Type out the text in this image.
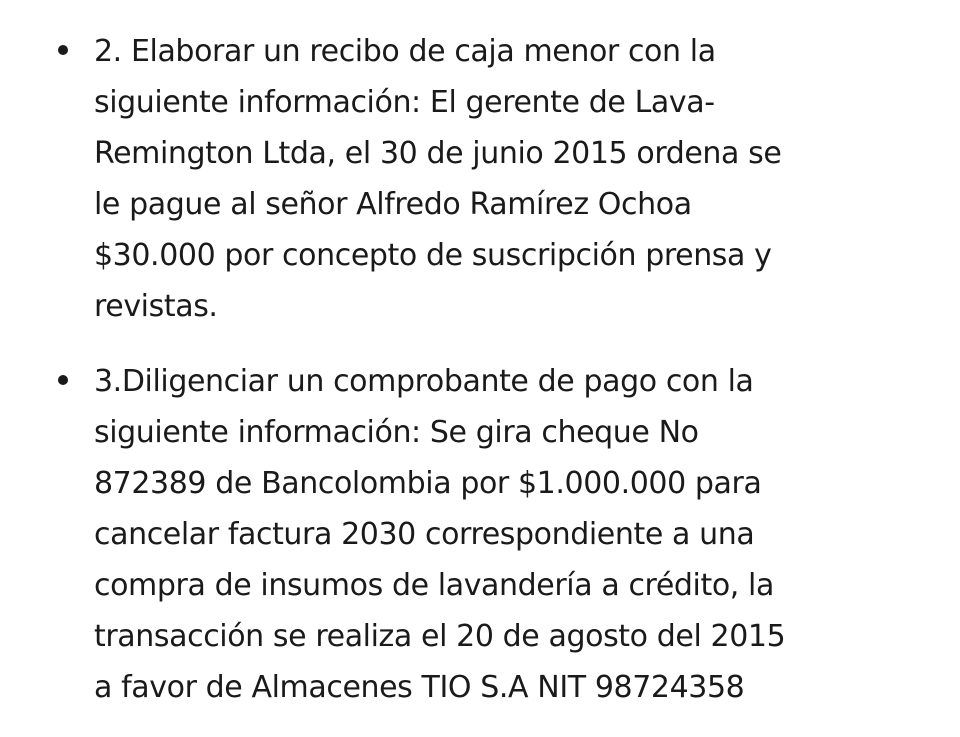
2. Elaborar un recibo de caja menor con la
siguiente información: El gerente de Lava-
Remington Ltda, el 30 de junio 2015 ordena se
le pague al señor Alfredo Ramírez Ochoa
$30.000 por concepto de suscripción prensa y
revistas.
3.Diligenciar un comprobante de pago con la
siguiente información: Se gira cheque No
872389 de Bancolombia por $1.000.000 para
cancelar factura 2030 correspondiente a una
compra de insumos de lavandería a crédito, la
transacción se realiza el 20 de agosto del 2015
a favor de Almacenes TIO S.A NIT 98724358
